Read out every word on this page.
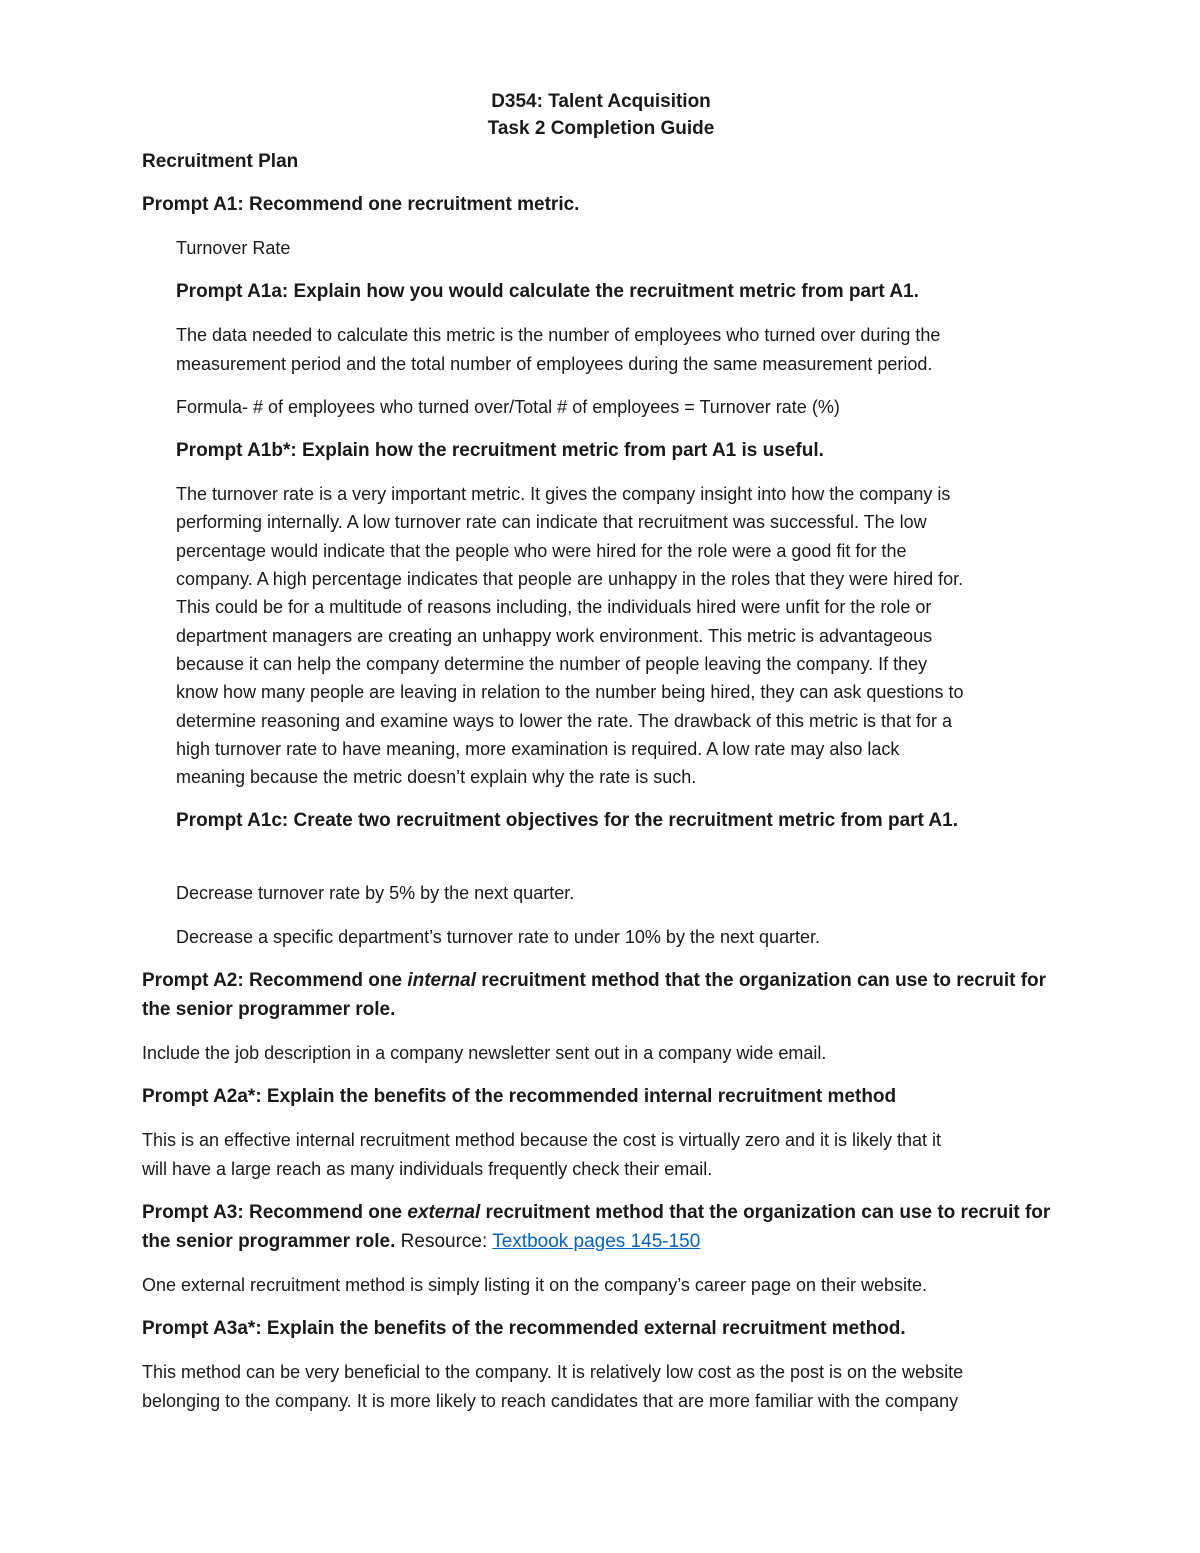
D354: Talent Acquisition

Task 2 Completion Guide

Recruitment Plan

Prompt A1: Recommend one recruitment metric.

Turnover Rate

Prompt A1a: Explain how you would calculate the recruitment metric from part A1.

The data needed to calculate this metric is the number of employees who turned over during the

measurement period and the total number of employees during the same measurement period.

Formula- # of employees who turned over/Total # of employees = Turnover rate (%)

Prompt A1b*: Explain how the recruitment metric from part A1 is useful.

The turnover rate is a very important metric. It gives the company insight into how the company is

performing internally. A low turnover rate can indicate that recruitment was successful. The low

percentage would indicate that the people who were hired for the role were a good fit for the

company. A high percentage indicates that people are unhappy in the roles that they were hired for.

This could be for a multitude of reasons including, the individuals hired were unfit for the role or

department managers are creating an unhappy work environment. This metric is advantageous

because it can help the company determine the number of people leaving the company. If they

know how many people are leaving in relation to the number being hired, they can ask questions to

determine reasoning and examine ways to lower the rate. The drawback of this metric is that for a

high turnover rate to have meaning, more examination is required. A low rate may also lack

meaning because the metric doesn’t explain why the rate is such.

Prompt A1c: Create two recruitment objectives for the recruitment metric from part A1.

Decrease turnover rate by 5% by the next quarter.

Decrease a specific department’s turnover rate to under 10% by the next quarter.

Prompt A2: Recommend one internal recruitment method that the organization can use to recruit for
the senior programmer role.

Include the job description in a company newsletter sent out in a company wide email.

Prompt A2a*: Explain the benefits of the recommended internal recruitment method

This is an effective internal recruitment method because the cost is virtually zero and it is likely that it

will have a large reach as many individuals frequently check their email.

Prompt A3: Recommend one external recruitment method that the organization can use to recruit for
the senior programmer role. Resource: Textbook pages 145-150

One external recruitment method is simply listing it on the company’s career page on their website.

Prompt A3a*: Explain the benefits of the recommended external recruitment method.

This method can be very beneficial to the company. It is relatively low cost as the post is on the website

belonging to the company. It is more likely to reach candidates that are more familiar with the company
